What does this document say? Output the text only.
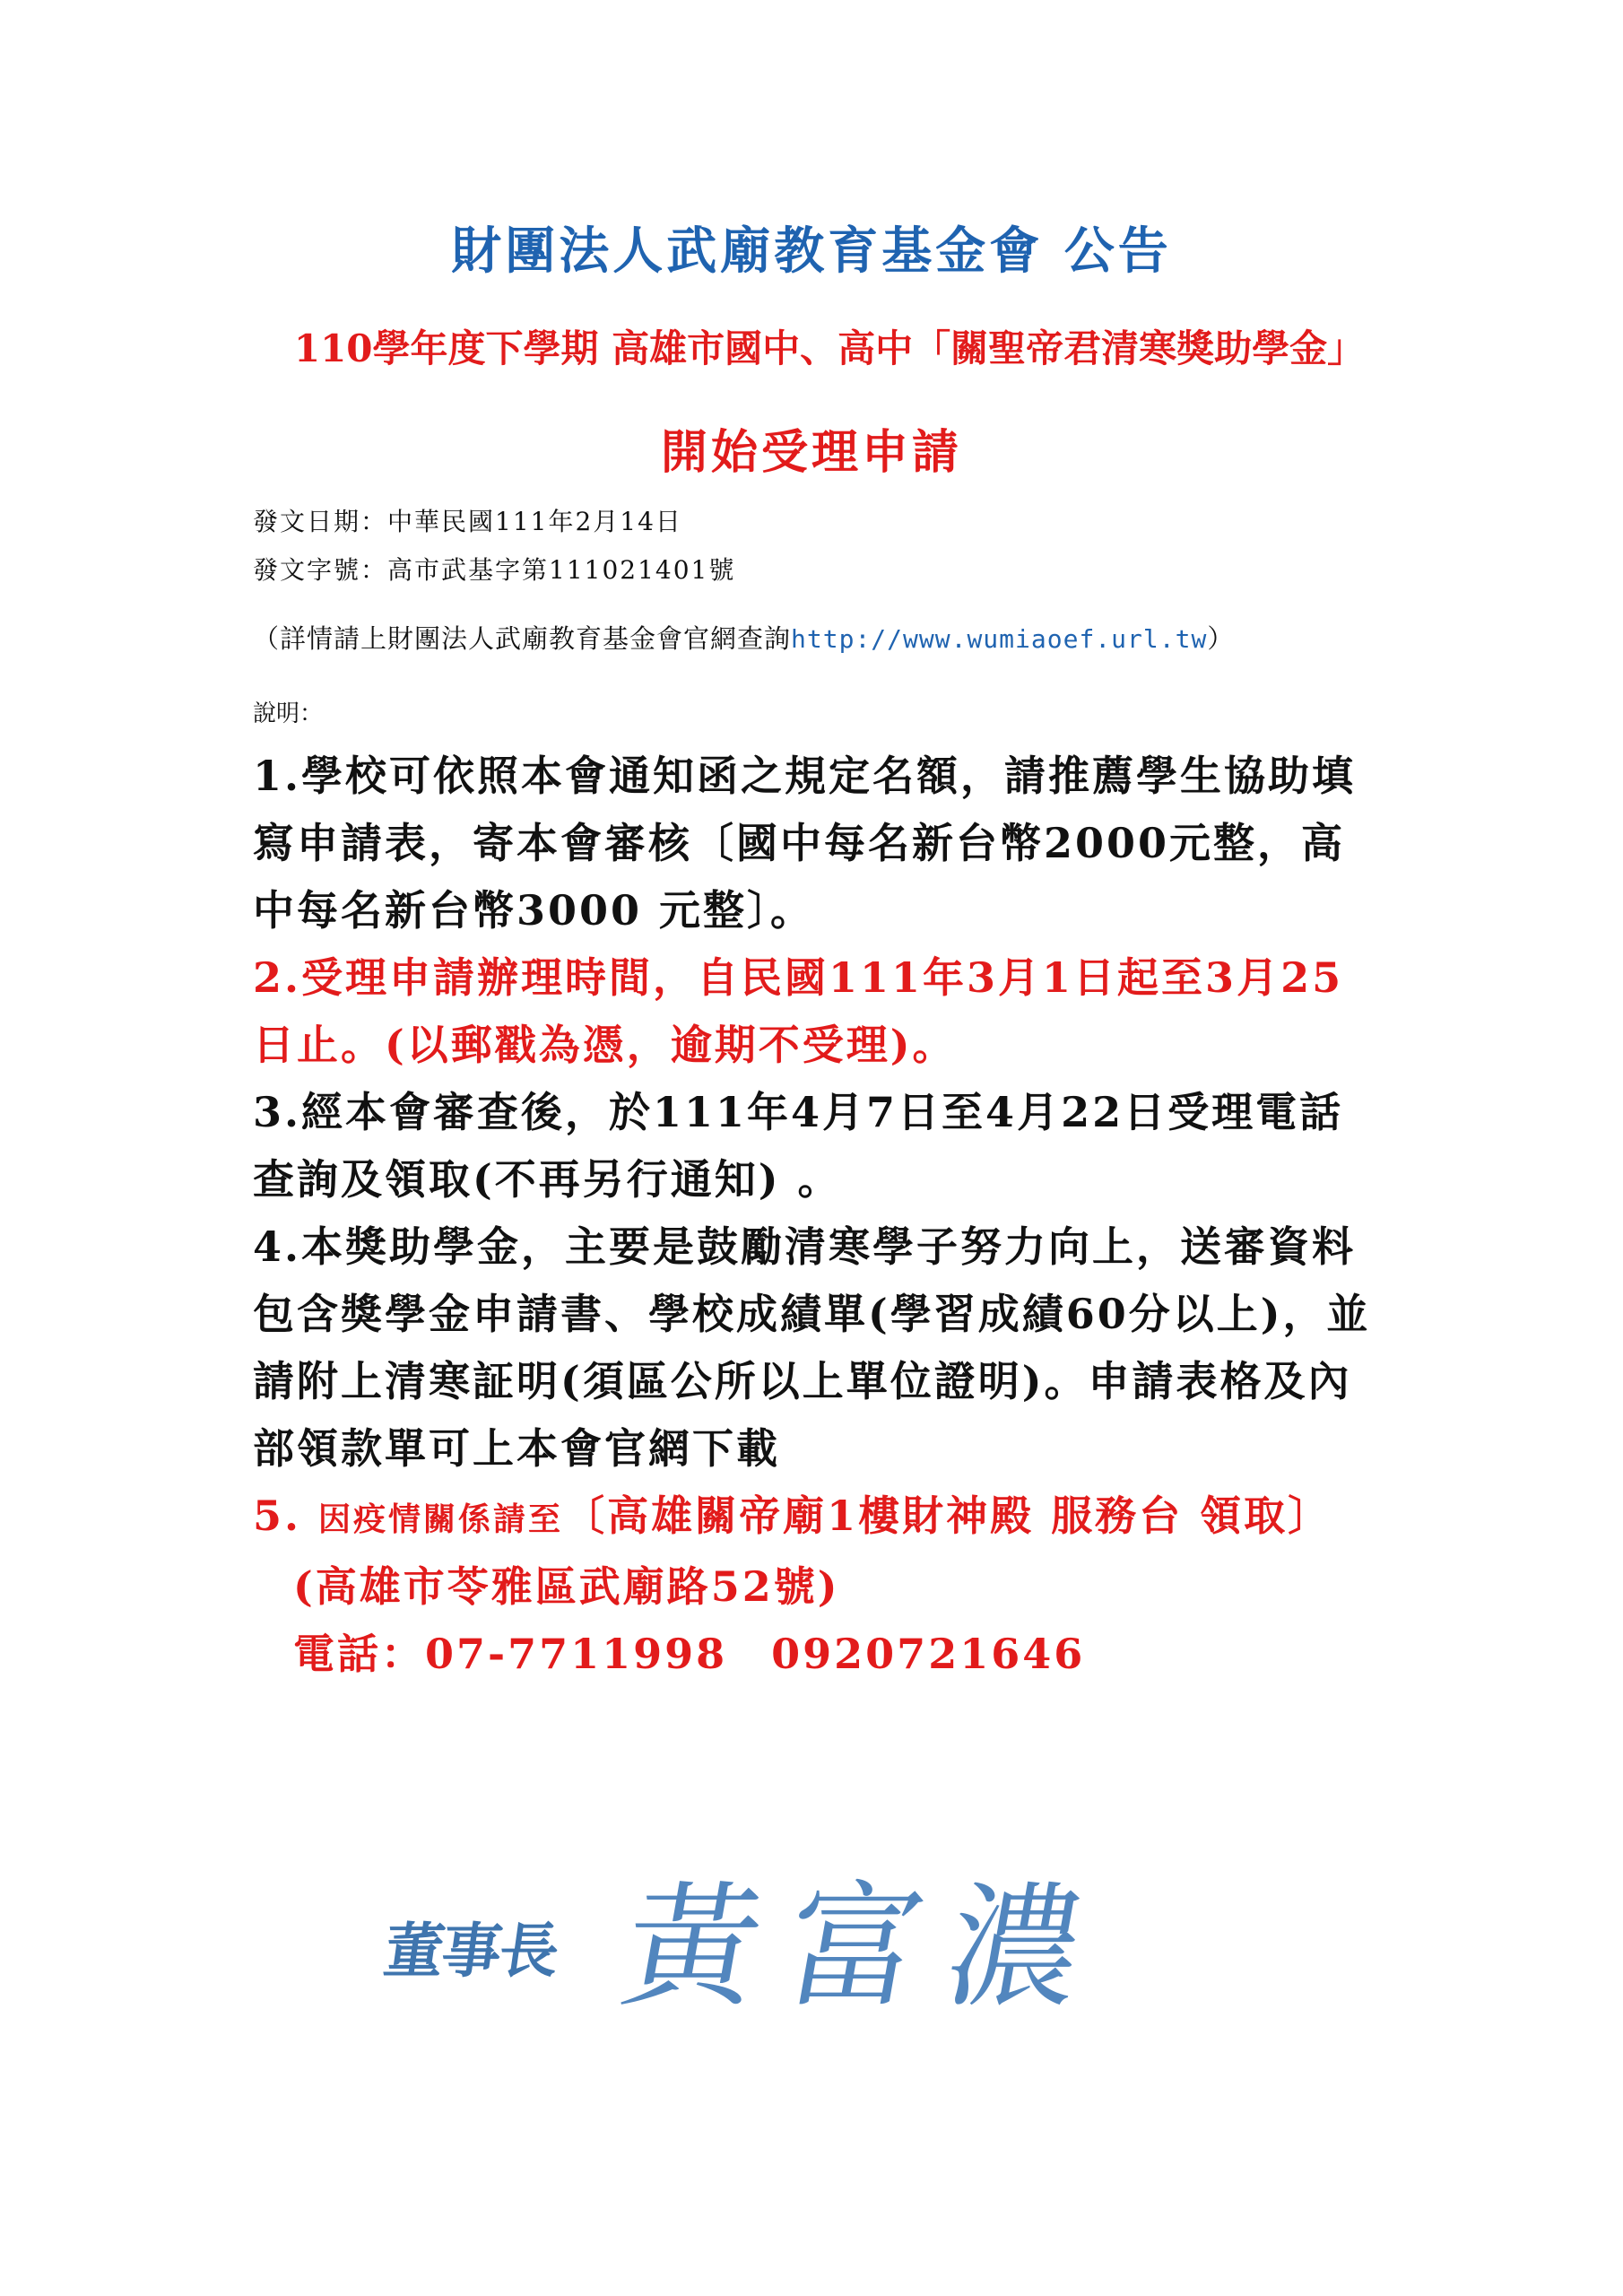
財團法人武廟教育基金會 公告
110學年度下學期 高雄市國中、高中「關聖帝君清寒獎助學金」
開始受理申請
發文日期：中華民國111年2月14日
發文字號：高市武基字第111021401號
（詳情請上財團法人武廟教育基金會官網查詢http://www.wumiaoef.url.tw）
說明：

1.學校可依照本會通知函之規定名額，請推薦學生協助填寫申請表，寄本會審核〔國中每名新台幣2000元整，高中每名新台幣3000 元整〕。

2.受理申請辦理時間，自民國111年3月1日起至3月25日止。(以郵戳為憑，逾期不受理)。

3.經本會審查後，於111年4月7日至4月22日受理電話查詢及領取(不再另行通知) 。

4.本獎助學金，主要是鼓勵清寒學子努力向上，送審資料包含獎學金申請書、學校成績單(學習成績60分以上)，並請附上清寒証明(須區公所以上單位證明)。申請表格及內部領款單可上本會官網下載

5. 因疫情關係請至〔高雄關帝廟1樓財神殿 服務台 領取〕
(高雄市苓雅區武廟路52號)
電話：07-7711998　0920721646

董事長 黃富濃
